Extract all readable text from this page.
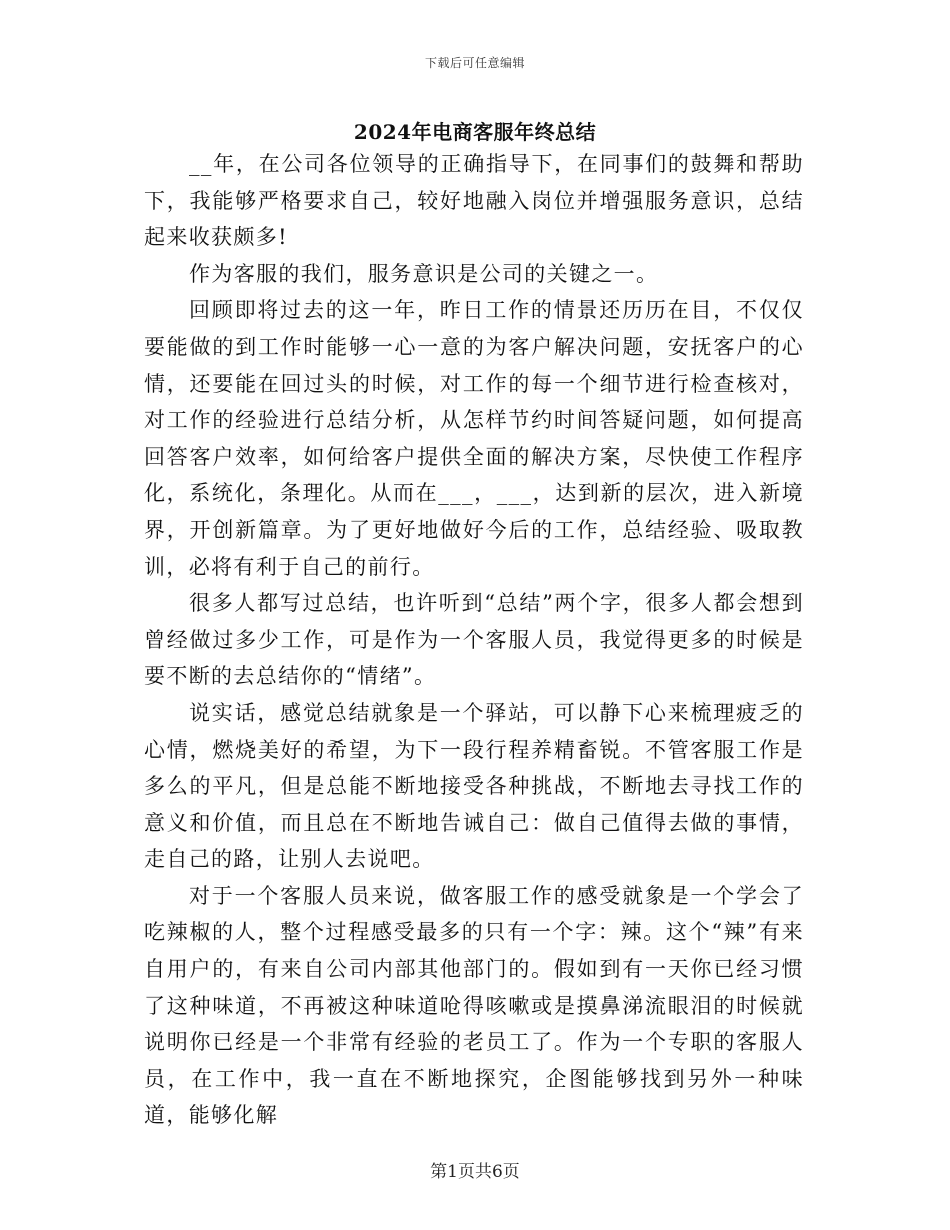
下载后可任意编辑
2024年电商客服年终总结

__年，在公司各位领导的正确指导下，在同事们的鼓舞和帮助下，我能够严格要求自己，较好地融入岗位并增强服务意识，总结起来收获颇多!

作为客服的我们，服务意识是公司的关键之一。

回顾即将过去的这一年，昨日工作的情景还历历在目，不仅仅要能做的到工作时能够一心一意的为客户解决问题，安抚客户的心情，还要能在回过头的时候，对工作的每一个细节进行检查核对，对工作的经验进行总结分析，从怎样节约时间答疑问题，如何提高回答客户效率，如何给客户提供全面的解决方案，尽快使工作程序化，系统化，条理化。从而在___，___，达到新的层次，进入新境界，开创新篇章。为了更好地做好今后的工作，总结经验、吸取教训，必将有利于自己的前行。

很多人都写过总结，也许听到“总结”两个字，很多人都会想到曾经做过多少工作，可是作为一个客服人员，我觉得更多的时候是要不断的去总结你的“情绪”。

说实话，感觉总结就象是一个驿站，可以静下心来梳理疲乏的心情，燃烧美好的希望，为下一段行程养精畜锐。不管客服工作是多么的平凡，但是总能不断地接受各种挑战，不断地去寻找工作的意义和价值，而且总在不断地告诫自己：做自己值得去做的事情，走自己的路，让别人去说吧。

对于一个客服人员来说，做客服工作的感受就象是一个学会了吃辣椒的人，整个过程感受最多的只有一个字：辣。这个“辣”有来自用户的，有来自公司内部其他部门的。假如到有一天你已经习惯了这种味道，不再被这种味道呛得咳嗽或是摸鼻涕流眼泪的时候就说明你已经是一个非常有经验的老员工了。作为一个专职的客服人员，在工作中，我一直在不断地探究，企图能够找到另外一种味道，能够化解

第1页共6页
